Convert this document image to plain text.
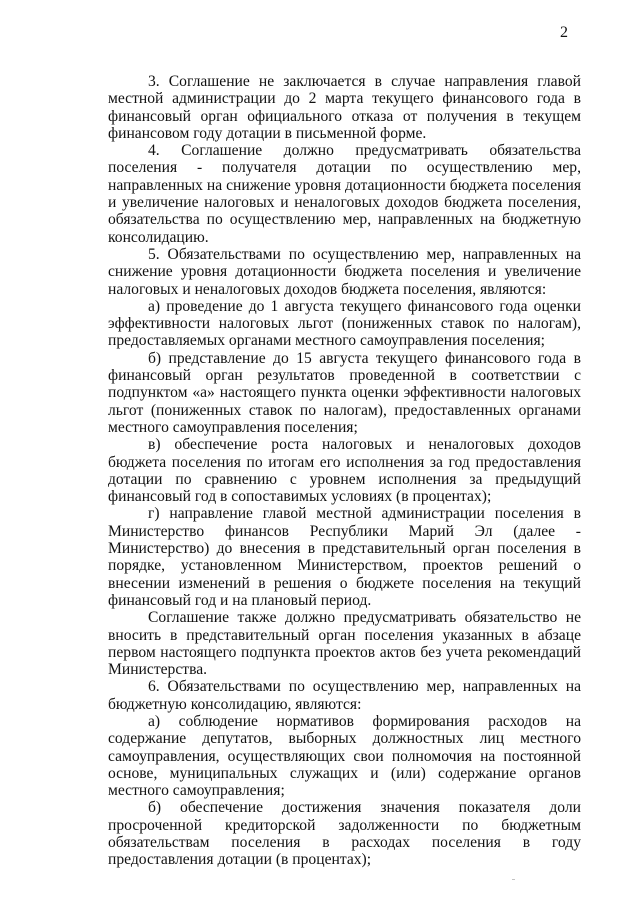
2

3. Соглашение не заключается в случае направления главой местной администрации до 2 марта текущего финансового года в финансовый орган официального отказа от получения в текущем финансовом году дотации в письменной форме.

4. Соглашение должно предусматривать обязательства поселения - получателя дотации по осуществлению мер, направленных на снижение уровня дотационности бюджета поселения и увеличение налоговых и неналоговых доходов бюджета поселения, обязательства по осуществлению мер, направленных на бюджетную консолидацию.

5. Обязательствами по осуществлению мер, направленных на снижение уровня дотационности бюджета поселения и увеличение налоговых и неналоговых доходов бюджета поселения, являются:

а) проведение до 1 августа текущего финансового года оценки эффективности налоговых льгот (пониженных ставок по налогам), предоставляемых органами местного самоуправления поселения;

б) представление до 15 августа текущего финансового года в финансовый орган результатов проведенной в соответствии с подпунктом «а» настоящего пункта оценки эффективности налоговых льгот (пониженных ставок по налогам), предоставленных органами местного самоуправления поселения;

в) обеспечение роста налоговых и неналоговых доходов бюджета поселения по итогам его исполнения за год предоставления дотации по сравнению с уровнем исполнения за предыдущий финансовый год в сопоставимых условиях (в процентах);

г) направление главой местной администрации поселения в Министерство финансов Республики Марий Эл (далее - Министерство) до внесения в представительный орган поселения в порядке, установленном Министерством, проектов решений о внесении изменений в решения о бюджете поселения на текущий финансовый год и на плановый период.

Соглашение также должно предусматривать обязательство не вносить в представительный орган поселения указанных в абзаце первом настоящего подпункта проектов актов без учета рекомендаций Министерства.

6. Обязательствами по осуществлению мер, направленных на бюджетную консолидацию, являются:

а) соблюдение нормативов формирования расходов на содержание депутатов, выборных должностных лиц местного самоуправления, осуществляющих свои полномочия на постоянной основе, муниципальных служащих и (или) содержание органов местного самоуправления;

б) обеспечение достижения значения показателя доли просроченной кредиторской задолженности по бюджетным обязательствам поселения в расходах поселения в году предоставления дотации (в процентах);
